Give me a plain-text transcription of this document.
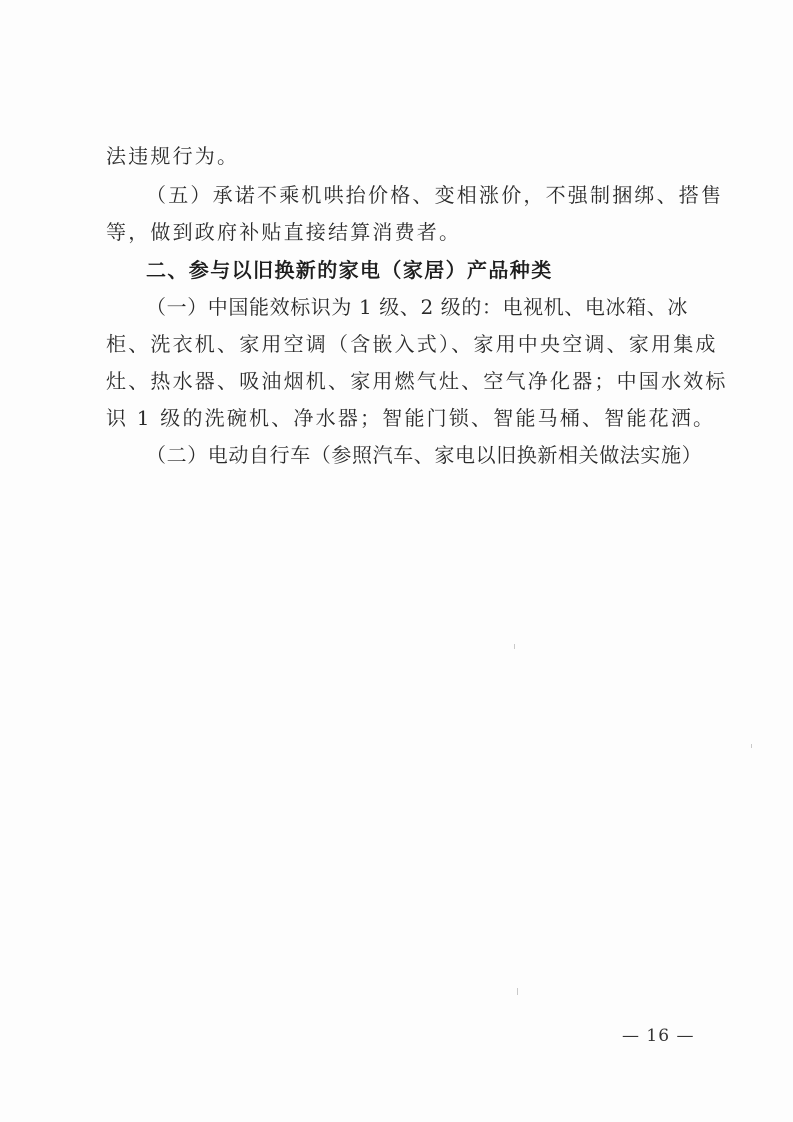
法违规行为。
（五）承诺不乘机哄抬价格、变相涨价，不强制捆绑、搭售
等，做到政府补贴直接结算消费者。
二、参与以旧换新的家电（家居）产品种类
（一）中国能效标识为 1 级、2 级的：电视机、电冰箱、冰
柜、洗衣机、家用空调（含嵌入式）、家用中央空调、家用集成
灶、热水器、吸油烟机、家用燃气灶、空气净化器；中国水效标
识 1 级的洗碗机、净水器；智能门锁、智能马桶、智能花洒。
（二）电动自行车（参照汽车、家电以旧换新相关做法实施）
— 16 —
